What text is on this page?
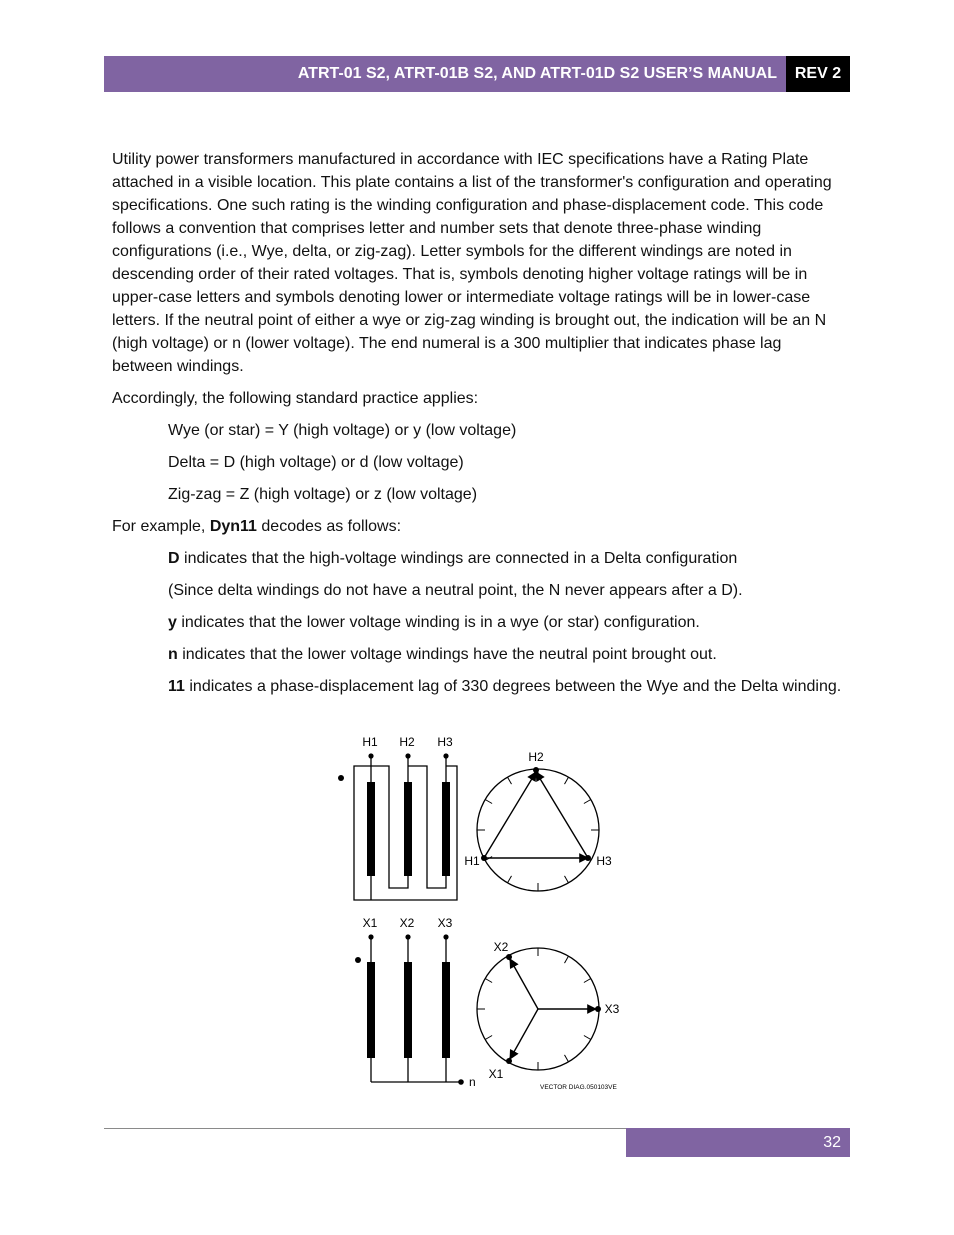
ATRT-01 S2, ATRT-01B S2, AND ATRT-01D S2 USER’S MANUAL	REV 2

Utility power transformers manufactured in accordance with IEC specifications have a Rating Plate attached in a visible location. This plate contains a list of the transformer's configuration and operating specifications. One such rating is the winding configuration and phase-displacement code. This code follows a convention that comprises letter and number sets that denote three-phase winding configurations (i.e., Wye, delta, or zig-zag). Letter symbols for the different windings are noted in descending order of their rated voltages. That is, symbols denoting higher voltage ratings will be in upper-case letters and symbols denoting lower or intermediate voltage ratings will be in lower-case letters. If the neutral point of either a wye or zig-zag winding is brought out, the indication will be an N (high voltage) or n (lower voltage). The end numeral is a 300 multiplier that indicates phase lag between windings.

Accordingly, the following standard practice applies:

Wye (or star) = Y (high voltage) or y (low voltage)

Delta = D (high voltage) or d (low voltage)

Zig-zag = Z (high voltage) or z (low voltage)

For example, Dyn11 decodes as follows:

D indicates that the high-voltage windings are connected in a Delta configuration

(Since delta windings do not have a neutral point, the N never appears after a D).

y indicates that the lower voltage winding is in a wye (or star) configuration.

n indicates that the lower voltage windings have the neutral point brought out.

11 indicates a phase-displacement lag of 330 degrees between the Wye and the Delta winding.

H1 H2 H3
H2
H1	H3
X1 X2 X3
n
X2
X3
X1
VECTOR DIAG.050103VE
32
